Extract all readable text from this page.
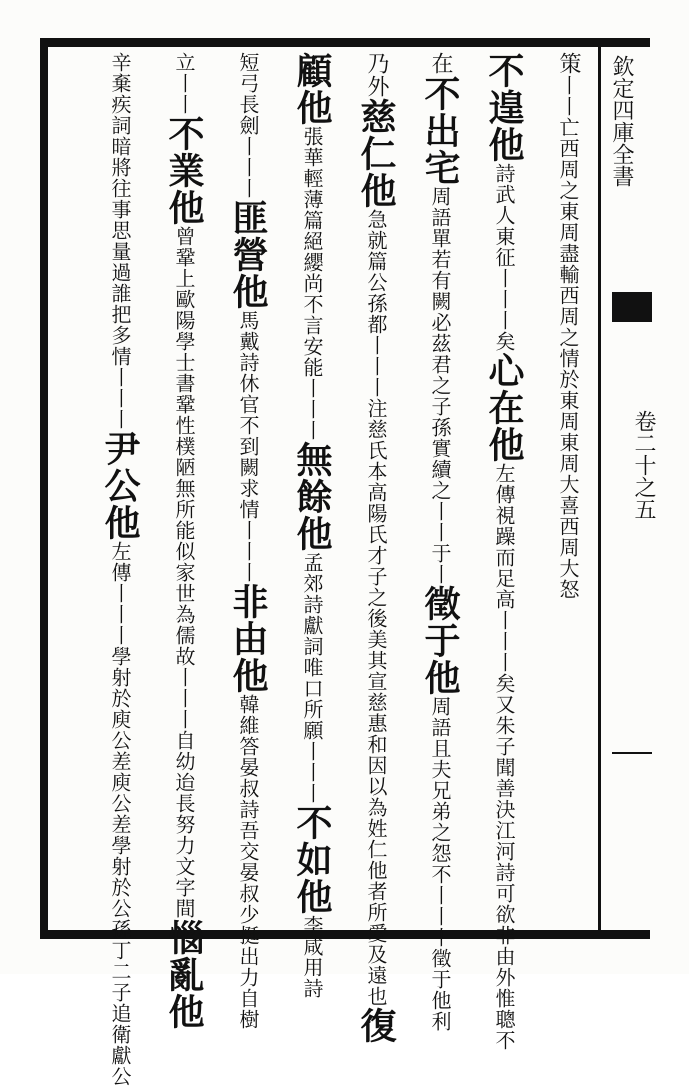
欽定四庫全書
卷二十之五
策丨丨亡西周之東周盡輸西周之情於東周東周大喜西周大怒
不遑他詩武人東征丨丨丨矣心在他左傳視躁而足高丨丨丨矣又朱子聞善決江河詩可欲非由外惟聰不
在不出宅周語單若有闕必茲君之子孫實續之丨丨于丨徵于他周語且夫兄弟之怨不丨丨丨徵于他利
乃外慈仁他急就篇公孫都丨丨丨注慈氏本高陽氏才子之後美其宣慈惠和因以為姓仁他者所愛及遠也復
顧他張華輕薄篇絕纓尚不言安能丨丨丨無餘他孟郊詩獻詞唯口所願丨丨丨不如他李咸用詩
短弓長劍丨丨丨匪營他馬戴詩休官不到闕求情丨丨丨非由他韓維答晏叔詩吾交晏叔少挺出力自樹
立丨丨不業他曾鞏上歐陽學士書鞏性樸陋無所能似家世為儒故丨丨丨自幼迨長努力文字間惱亂他
辛棄疾詞暗將往事思量過誰把多情丨丨丨尹公他左傳丨丨丨學射於庾公差庾公差學射於公孫丁二子追衛獻公
